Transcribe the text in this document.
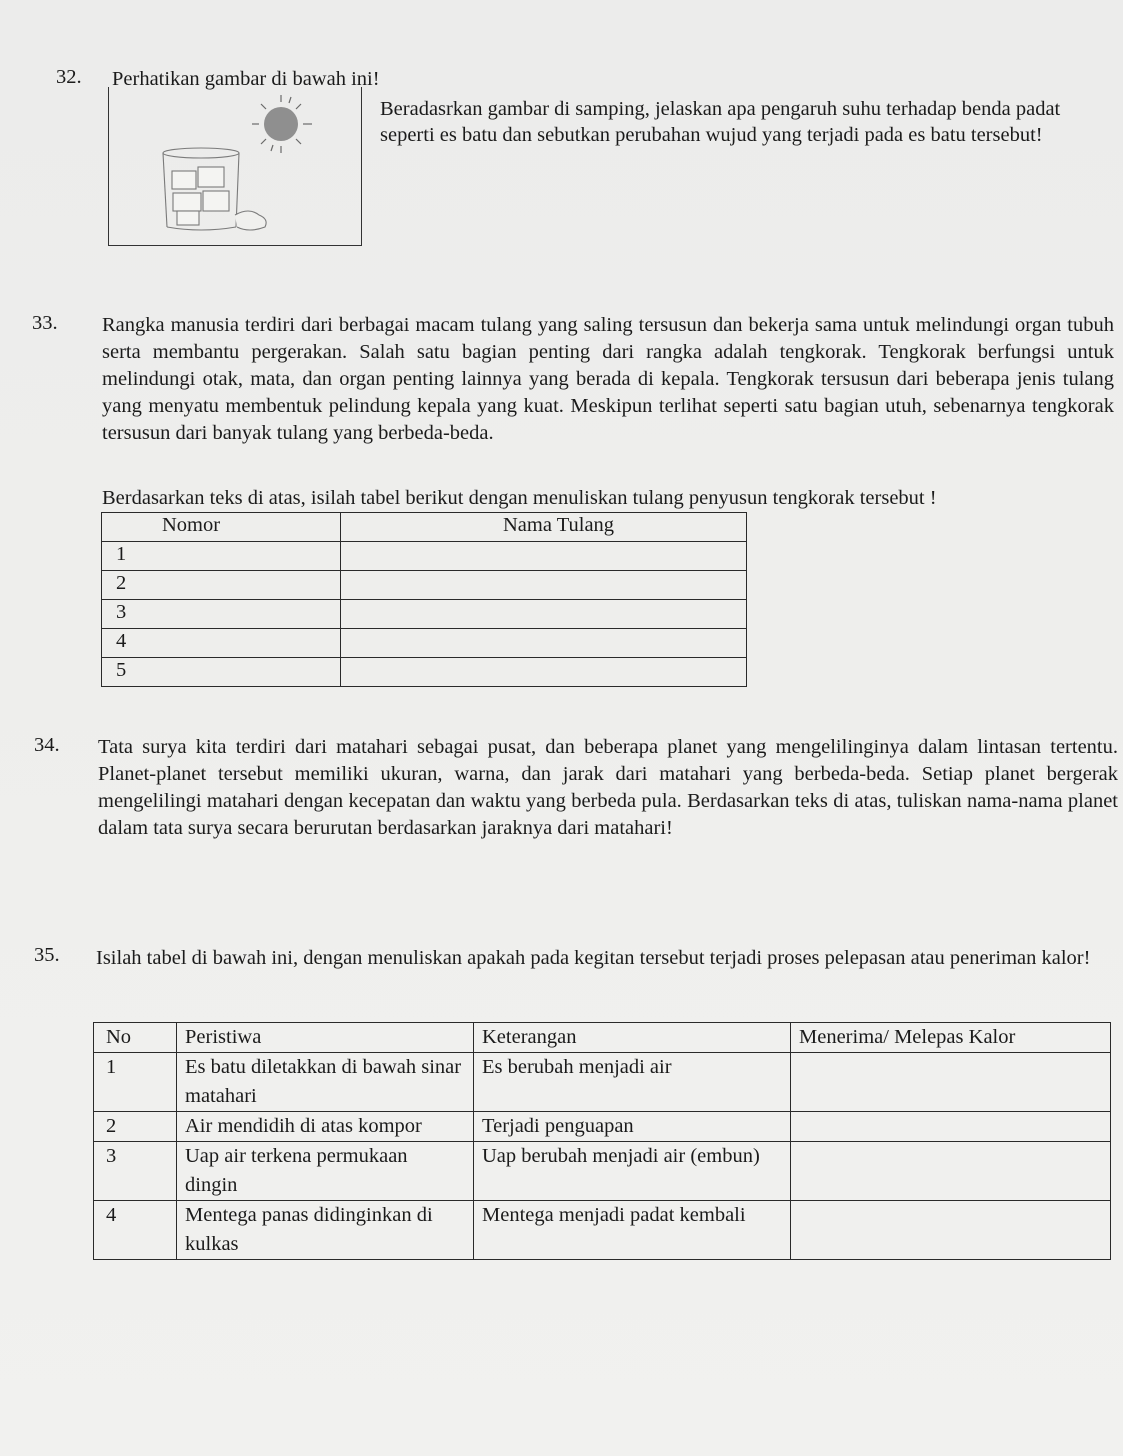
32. Perhatikan gambar di bawah ini!
Beradasrkan gambar di samping, jelaskan apa pengaruh suhu terhadap benda padat seperti es batu dan sebutkan perubahan wujud yang terjadi pada es batu tersebut!
33. Rangka manusia terdiri dari berbagai macam tulang yang saling tersusun dan bekerja sama untuk melindungi organ tubuh serta membantu pergerakan. Salah satu bagian penting dari rangka adalah tengkorak. Tengkorak berfungsi untuk melindungi otak, mata, dan organ penting lainnya yang berada di kepala. Tengkorak tersusun dari beberapa jenis tulang yang menyatu membentuk pelindung kepala yang kuat. Meskipun terlihat seperti satu bagian utuh, sebenarnya tengkorak tersusun dari banyak tulang yang berbeda-beda.
Berdasarkan teks di atas, isilah tabel berikut dengan menuliskan tulang penyusun tengkorak tersebut !
Nomor	Nama Tulang
1	
2	
3	
4	
5	
34. Tata surya kita terdiri dari matahari sebagai pusat, dan beberapa planet yang mengelilinginya dalam lintasan tertentu. Planet-planet tersebut memiliki ukuran, warna, dan jarak dari matahari yang berbeda-beda. Setiap planet bergerak mengelilingi matahari dengan kecepatan dan waktu yang berbeda pula. Berdasarkan teks di atas, tuliskan nama-nama planet dalam tata surya secara berurutan berdasarkan jaraknya dari matahari!
35. Isilah tabel di bawah ini, dengan menuliskan apakah pada kegitan tersebut terjadi proses pelepasan atau peneriman kalor!
No	Peristiwa	Keterangan	Menerima/ Melepas Kalor
1	Es batu diletakkan di bawah sinar matahari	Es berubah menjadi air	
2	Air mendidih di atas kompor	Terjadi penguapan	
3	Uap air terkena permukaan dingin	Uap berubah menjadi air (embun)	
4	Mentega panas didinginkan di kulkas	Mentega menjadi padat kembali	
